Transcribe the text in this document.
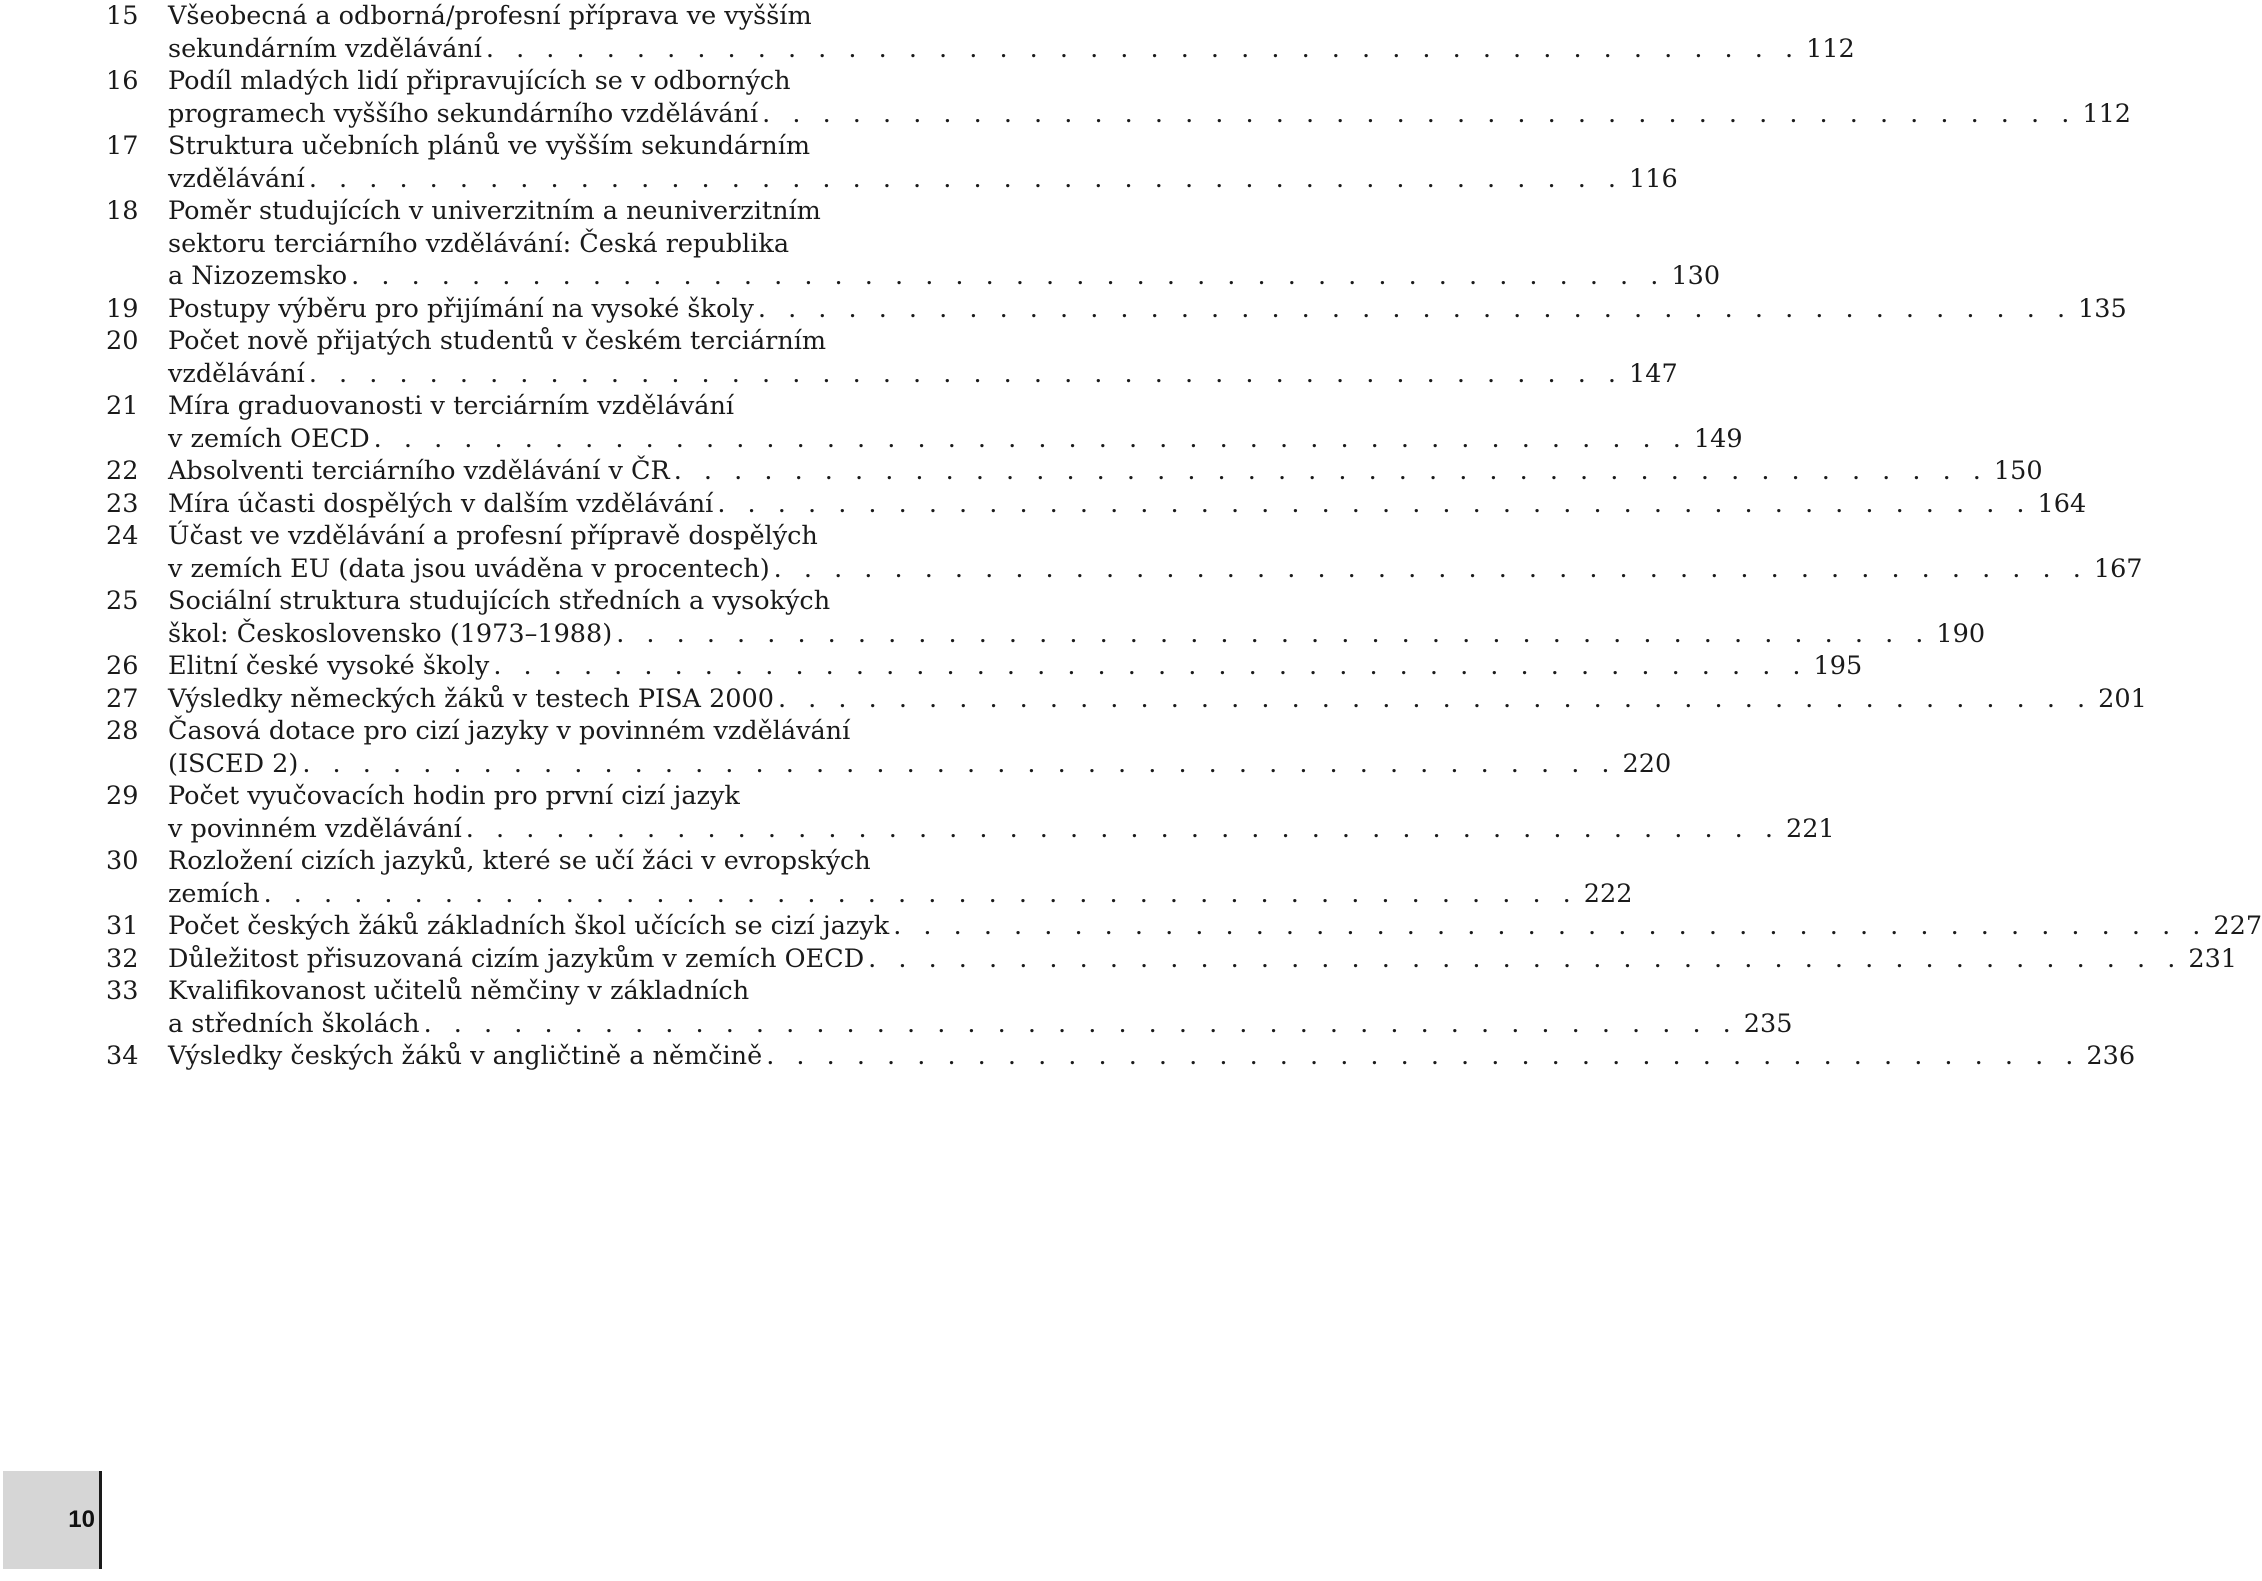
15	Všeobecná a odborná/profesní příprava ve vyšším
sekundárním vzdělávání . . . . . . . . . . . . . . . . . . . . . . . . . . . . . . . . . . . . . . . . . . . . 112
16	Podíl mladých lidí připravujících se v odborných
programech vyššího sekundárního vzdělávání . . . . . . . . . . . . . . . . . . . . . . . . . . . . . . . . . . . . . . . . . . . . 112
17	Struktura učebních plánů ve vyšším sekundárním
vzdělávání . . . . . . . . . . . . . . . . . . . . . . . . . . . . . . . . . . . . . . . . . . . . 116
18	Poměr studujících v univerzitním a neuniverzitním
sektoru terciárního vzdělávání: Česká republika
a Nizozemsko . . . . . . . . . . . . . . . . . . . . . . . . . . . . . . . . . . . . . . . . . . . . 130
19	Postupy výběru pro přijímání na vysoké školy . . . . . . . . . . . . . . . . . . . . . . . . . . . . . . . . . . . . . . . . . . . . 135
20	Počet nově přijatých studentů v českém terciárním
vzdělávání . . . . . . . . . . . . . . . . . . . . . . . . . . . . . . . . . . . . . . . . . . . . 147
21	Míra graduovanosti v terciárním vzdělávání
v zemích OECD . . . . . . . . . . . . . . . . . . . . . . . . . . . . . . . . . . . . . . . . . . . . 149
22	Absolventi terciárního vzdělávání v ČR . . . . . . . . . . . . . . . . . . . . . . . . . . . . . . . . . . . . . . . . . . . . 150
23	Míra účasti dospělých v dalším vzdělávání . . . . . . . . . . . . . . . . . . . . . . . . . . . . . . . . . . . . . . . . . . . . 164
24	Účast ve vzdělávání a profesní přípravě dospělých
v zemích EU (data jsou uváděna v procentech) . . . . . . . . . . . . . . . . . . . . . . . . . . . . . . . . . . . . . . . . . . . . 167
25	Sociální struktura studujících středních a vysokých
škol: Československo (1973–1988) . . . . . . . . . . . . . . . . . . . . . . . . . . . . . . . . . . . . . . . . . . . . 190
26	Elitní české vysoké školy . . . . . . . . . . . . . . . . . . . . . . . . . . . . . . . . . . . . . . . . . . . . 195
27	Výsledky německých žáků v testech PISA 2000 . . . . . . . . . . . . . . . . . . . . . . . . . . . . . . . . . . . . . . . . . . . . 201
28	Časová dotace pro cizí jazyky v povinném vzdělávání
(ISCED 2) . . . . . . . . . . . . . . . . . . . . . . . . . . . . . . . . . . . . . . . . . . . . 220
29	Počet vyučovacích hodin pro první cizí jazyk
v povinném vzdělávání . . . . . . . . . . . . . . . . . . . . . . . . . . . . . . . . . . . . . . . . . . . . 221
30	Rozložení cizích jazyků, které se učí žáci v evropských
zemích . . . . . . . . . . . . . . . . . . . . . . . . . . . . . . . . . . . . . . . . . . . . 222
31	Počet českých žáků základních škol učících se cizí jazyk . . . . . . . . . . . . . . . . . . . . . . . . . . . . . . . . . . . . . . . . . . . . 227
32	Důležitost přisuzovaná cizím jazykům v zemích OECD . . . . . . . . . . . . . . . . . . . . . . . . . . . . . . . . . . . . . . . . . . . . 231
33	Kvalifikovanost učitelů němčiny v základních
a středních školách . . . . . . . . . . . . . . . . . . . . . . . . . . . . . . . . . . . . . . . . . . . . 235
34	Výsledky českých žáků v angličtině a němčině . . . . . . . . . . . . . . . . . . . . . . . . . . . . . . . . . . . . . . . . . . . . 236
10
